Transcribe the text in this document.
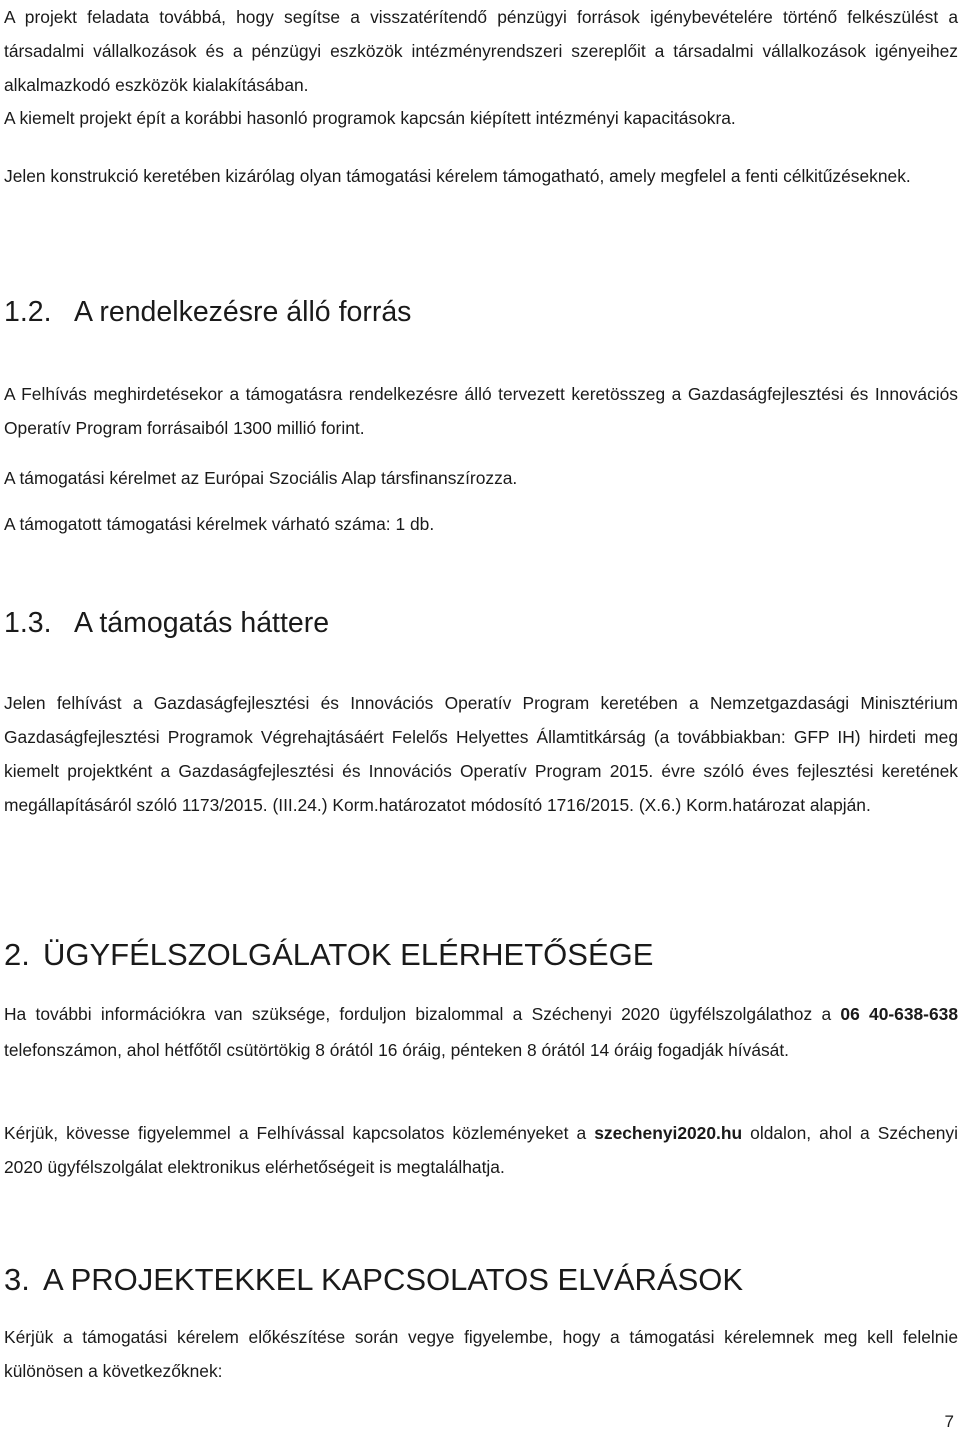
A projekt feladata továbbá, hogy segítse a visszatérítendő pénzügyi források igénybevételére történő felkészülést a társadalmi vállalkozások és a pénzügyi eszközök intézményrendszeri szereplőit a társadalmi vállalkozások igényeihez alkalmazkodó eszközök kialakításában.

A kiemelt projekt épít a korábbi hasonló programok kapcsán kiépített intézményi kapacitásokra.

Jelen konstrukció keretében kizárólag olyan támogatási kérelem támogatható, amely megfelel a fenti célkitűzéseknek.

1.2. A rendelkezésre álló forrás

A Felhívás meghirdetésekor a támogatásra rendelkezésre álló tervezett keretösszeg a Gazdaságfejlesztési és Innovációs Operatív Program forrásaiból 1300 millió forint.

A támogatási kérelmet az Európai Szociális Alap társfinanszírozza.

A támogatott támogatási kérelmek várható száma: 1 db.

1.3. A támogatás háttere

Jelen felhívást a Gazdaságfejlesztési és Innovációs Operatív Program keretében a Nemzetgazdasági Minisztérium Gazdaságfejlesztési Programok Végrehajtásáért Felelős Helyettes Államtitkárság (a továbbiakban: GFP IH) hirdeti meg kiemelt projektként a Gazdaságfejlesztési és Innovációs Operatív Program 2015. évre szóló éves fejlesztési keretének megállapításáról szóló 1173/2015. (III.24.) Korm.határozatot módosító 1716/2015. (X.6.) Korm.határozat alapján.

2. ÜGYFÉLSZOLGÁLATOK ELÉRHETŐSÉGE

Ha további információkra van szüksége, forduljon bizalommal a Széchenyi 2020 ügyfélszolgálathoz a 06 40-638-638 telefonszámon, ahol hétfőtől csütörtökig 8 órától 16 óráig, pénteken 8 órától 14 óráig fogadják hívását.

Kérjük, kövesse figyelemmel a Felhívással kapcsolatos közleményeket a szechenyi2020.hu oldalon, ahol a Széchenyi 2020 ügyfélszolgálat elektronikus elérhetőségeit is megtalálhatja.

3. A PROJEKTEKKEL KAPCSOLATOS ELVÁRÁSOK

Kérjük a támogatási kérelem előkészítése során vegye figyelembe, hogy a támogatási kérelemnek meg kell felelnie különösen a következőknek:

7
